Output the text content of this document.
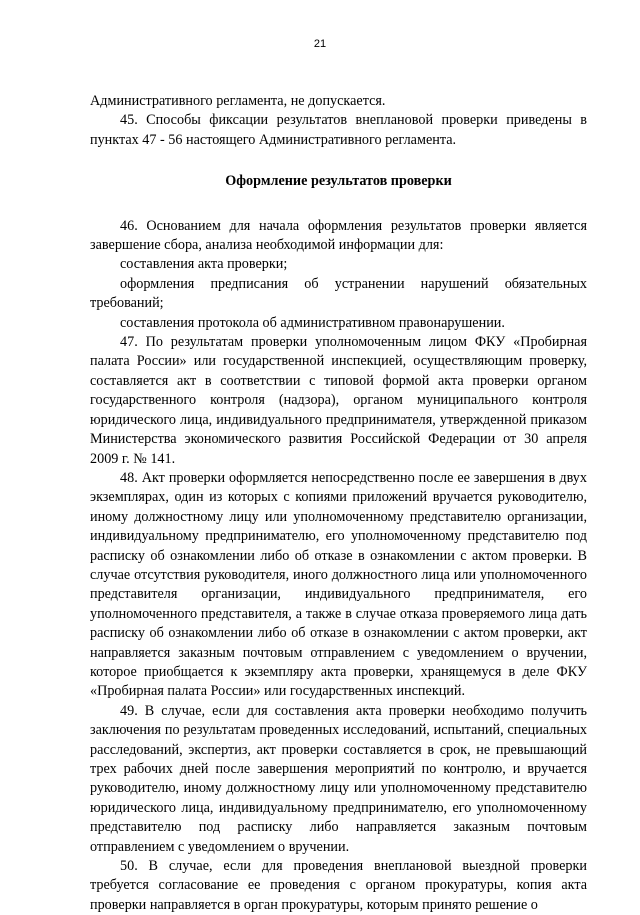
21

Административного регламента, не допускается.

45. Способы фиксации результатов внеплановой проверки приведены в пунктах 47 - 56 настоящего Административного регламента.

Оформление результатов проверки

46. Основанием для начала оформления результатов проверки является завершение сбора, анализа необходимой информации для:

составления акта проверки;

оформления предписания об устранении нарушений обязательных требований;

составления протокола об административном правонарушении.

47. По результатам проверки уполномоченным лицом ФКУ «Пробирная палата России» или государственной инспекцией, осуществляющим проверку, составляется акт в соответствии с типовой формой акта проверки органом государственного контроля (надзора), органом муниципального контроля юридического лица, индивидуального предпринимателя, утвержденной приказом Министерства экономического развития Российской Федерации от 30 апреля 2009 г. № 141.

48. Акт проверки оформляется непосредственно после ее завершения в двух экземплярах, один из которых с копиями приложений вручается руководителю, иному должностному лицу или уполномоченному представителю организации, индивидуальному предпринимателю, его уполномоченному представителю под расписку об ознакомлении либо об отказе в ознакомлении с актом проверки. В случае отсутствия руководителя, иного должностного лица или уполномоченного представителя организации, индивидуального предпринимателя, его уполномоченного представителя, а также в случае отказа проверяемого лица дать расписку об ознакомлении либо об отказе в ознакомлении с актом проверки, акт направляется заказным почтовым отправлением с уведомлением о вручении, которое приобщается к экземпляру акта проверки, хранящемуся в деле ФКУ «Пробирная палата России» или государственных инспекций.

49. В случае, если для составления акта проверки необходимо получить заключения по результатам проведенных исследований, испытаний, специальных расследований, экспертиз, акт проверки составляется в срок, не превышающий трех рабочих дней после завершения мероприятий по контролю, и вручается руководителю, иному должностному лицу или уполномоченному представителю юридического лица, индивидуальному предпринимателю, его уполномоченному представителю под расписку либо направляется заказным почтовым отправлением с уведомлением о вручении.

50. В случае, если для проведения внеплановой выездной проверки требуется согласование ее проведения с органом прокуратуры, копия акта проверки направляется в орган прокуратуры, которым принято решение о
